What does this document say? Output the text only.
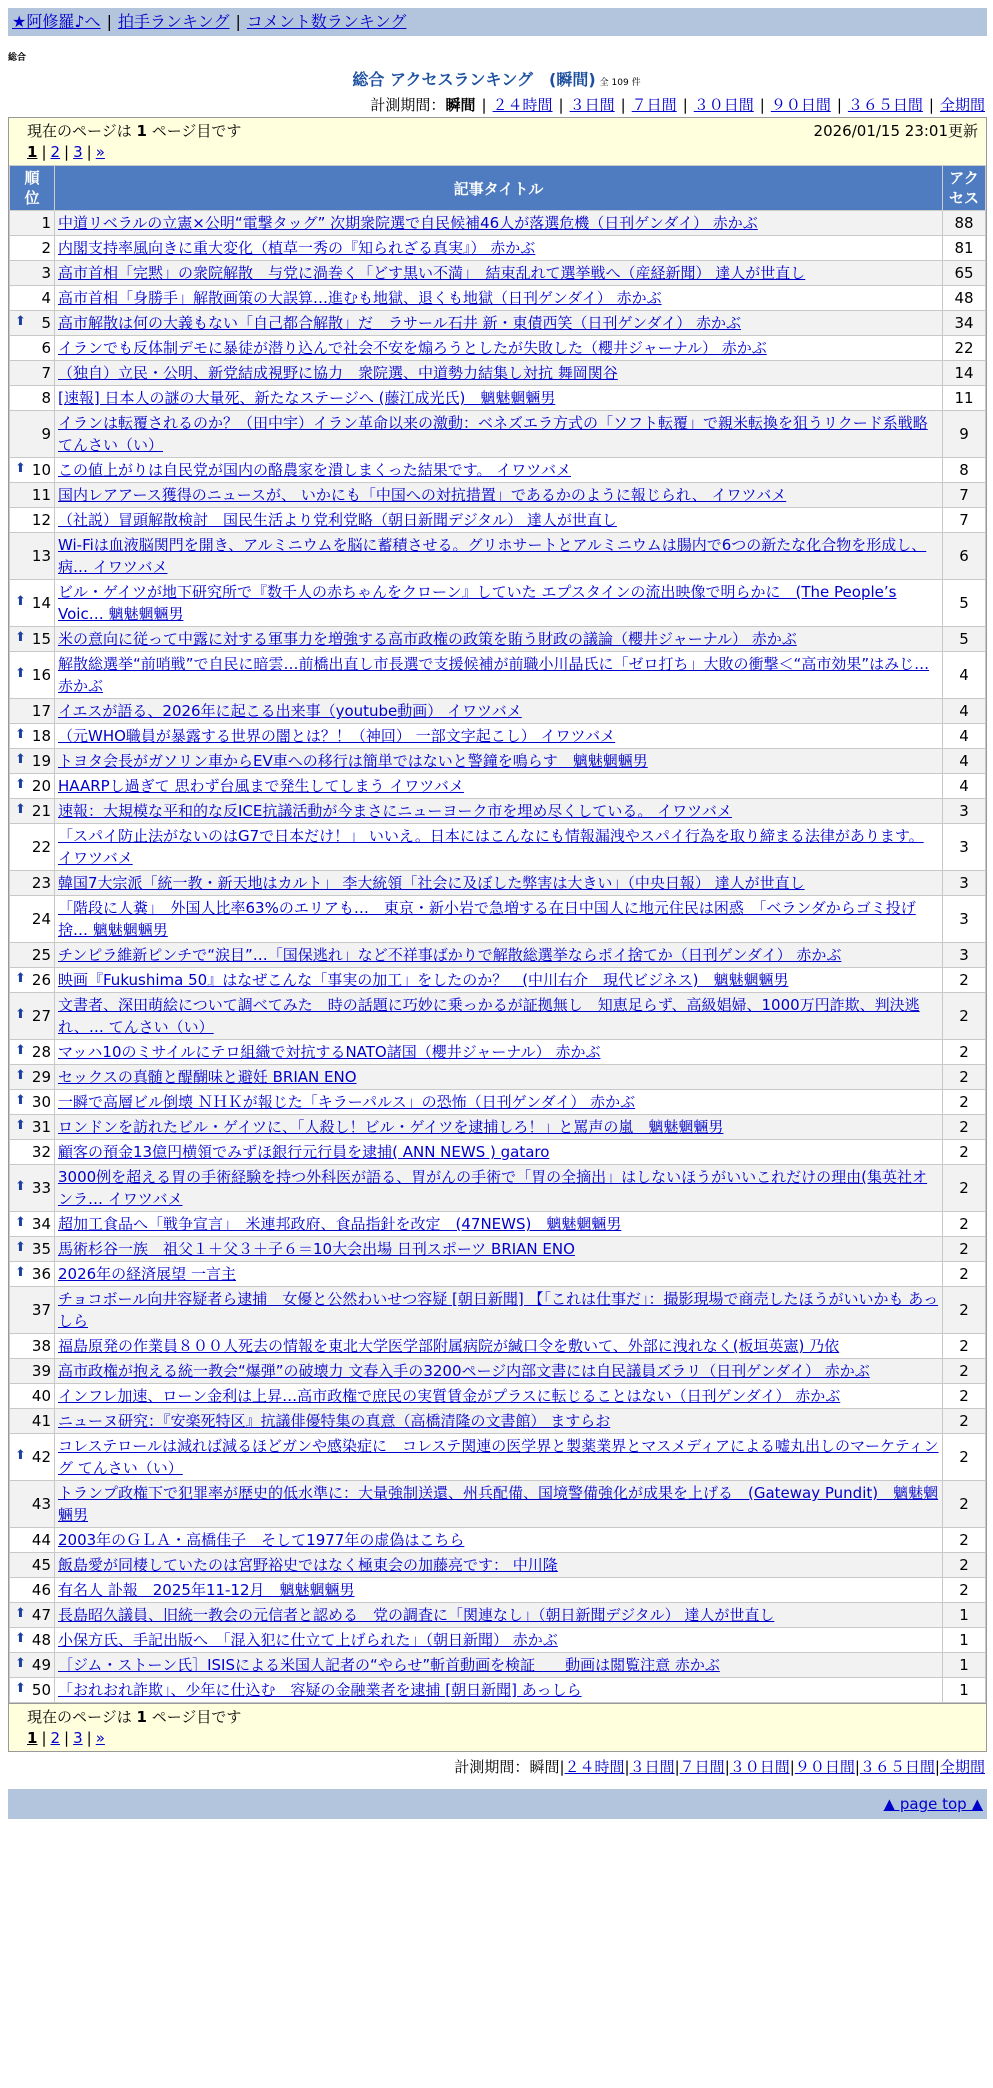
★阿修羅♪へ | 拍手ランキング | コメント数ランキング
総合
総合 アクセスランキング　(瞬間) 全 109 件
計測期間：瞬間 | ２４時間 | ３日間 | ７日間 | ３０日間 | ９０日間 | ３６５日間 | 全期間
現在のページは 1 ページ目です	2026/01/15 23:01更新
1 | 2 | 3 | »
順位	記事タイトル	アクセス
1	中道リベラルの立憲×公明“電撃タッグ” 次期衆院選で自民候補46人が落選危機（日刊ゲンダイ） 赤かぶ	88
2	内閣支持率風向きに重大変化（植草一秀の『知られざる真実』） 赤かぶ	81
3	高市首相「完黙」の衆院解散　与党に渦巻く「どす黒い不満」　結束乱れて選挙戦へ（産経新聞） 達人が世直し	65
4	高市首相「身勝手」解散画策の大誤算…進むも地獄、退くも地獄（日刊ゲンダイ） 赤かぶ	48

⬆ 5	高市解散は何の大義もない「自己都合解散」だ　ラサール石井 新・東債西笑（日刊ゲンダイ） 赤かぶ	34
6	イランでも反体制デモに暴徒が潜り込んで社会不安を煽ろうとしたが失敗した（櫻井ジャーナル） 赤かぶ	22
7	（独自）立民・公明、新党結成視野に協力　衆院選、中道勢力結集し対抗 舞岡関谷	14
8	[速報] 日本人の謎の大量死、新たなステージへ (藤江成光氏)　魑魅魍魎男	11
9	イランは転覆されるのか？（田中宇）イラン革命以来の激動：ベネズエラ方式の「ソフト転覆」で親米転換を狙うリクード系戦略 てんさい（い）	9

⬆ 10	この値上がりは自民党が国内の酪農家を潰しまくった結果です。 イワツバメ	8
11	国内レアアース獲得のニュースが、 いかにも「中国への対抗措置」であるかのように報じられ、 イワツバメ	7
12	（社説）冒頭解散検討　国民生活より党利党略（朝日新聞デジタル） 達人が世直し	7
13	Wi-Fiは血液脳関門を開き、アルミニウムを脳に蓄積させる。グリホサートとアルミニウムは腸内で6つの新たな化合物を形成し、病… イワツバメ	6

⬆ 14	ビル・ゲイツが地下研究所で『数千人の赤ちゃんをクローン』していた エプスタインの流出映像で明らかに　(The People’s Voic… 魑魅魍魎男	5

⬆ 15	米の意向に従って中露に対する軍事力を増強する高市政権の政策を賄う財政の議論（櫻井ジャーナル） 赤かぶ	5

⬆ 16	解散総選挙“前哨戦”で自民に暗雲…前橋出直し市長選で支援候補が前職小川晶氏に「ゼロ打ち」大敗の衝撃＜“高市効果”はみじ… 赤かぶ	4
17	イエスが語る、2026年に起こる出来事（youtube動画） イワツバメ	4

⬆ 18	（元WHO職員が暴露する世界の闇とは？！（神回） 一部文字起こし） イワツバメ	4

⬆ 19	トヨタ会長がガソリン車からEV車への移行は簡単ではないと警鐘を鳴らす　魑魅魍魎男	4

⬆ 20	HAARPし過ぎて 思わず台風まで発生してしまう イワツバメ	4

⬆ 21	速報：大規模な平和的な反ICE抗議活動が今まさにニューヨーク市を埋め尽くしている。 イワツバメ	3
22	「スパイ防止法がないのはG7で日本だけ！」 いいえ。日本にはこんなにも情報漏洩やスパイ行為を取り締まる法律があります。 イワツバメ	3
23	韓国7大宗派「統一教・新天地はカルト」 李大統領「社会に及ぼした弊害は大きい」（中央日報） 達人が世直し	3
24	「階段に人糞」　外国人比率63%のエリアも…　東京・新小岩で急増する在日中国人に地元住民は困惑　「ベランダからゴミ投げ捨… 魑魅魍魎男	3
25	チンピラ維新ピンチで“涙目”…「国保逃れ」など不祥事ばかりで解散総選挙ならポイ捨てか（日刊ゲンダイ） 赤かぶ	3

⬆ 26	映画『Fukushima 50』はなぜこんな「事実の加工」をしたのか？　(中川右介　現代ビジネス)　魑魅魍魎男	2

⬆ 27	文書者、深田萌絵について調べてみた　時の話題に巧妙に乗っかるが証拠無し　知恵足らず、高級娼婦、1000万円詐欺、判決逃れ、… てんさい（い）	2

⬆ 28	マッハ10のミサイルにテロ組織で対抗するNATO諸国（櫻井ジャーナル） 赤かぶ	2

⬆ 29	セックスの真髄と醍醐味と避妊 BRIAN ENO	2

⬆ 30	一瞬で高層ビル倒壊 ＮＨＫが報じた「キラーパルス」の恐怖（日刊ゲンダイ） 赤かぶ	2

⬆ 31	ロンドンを訪れたビル・ゲイツに、「人殺し！ビル・ゲイツを逮捕しろ！」と罵声の嵐　魑魅魍魎男	2
32	顧客の預金13億円横領でみずほ銀行元行員を逮捕( ANN NEWS ) gataro	2

⬆ 33	3000例を超える胃の手術経験を持つ外科医が語る、胃がんの手術で「胃の全摘出」はしないほうがいいこれだけの理由(集英社オンラ… イワツバメ	2

⬆ 34	超加工食品へ「戦争宣言」　米連邦政府、食品指針を改定　(47NEWS)　魑魅魍魎男	2

⬆ 35	馬術杉谷一族　祖父１＋父３＋子６＝10大会出場 日刊スポーツ BRIAN ENO	2

⬆ 36	2026年の経済展望 一言主	2
37	チョコボール向井容疑者ら逮捕　女優と公然わいせつ容疑 [朝日新聞] 【「これは仕事だ」：撮影現場で商売したほうがいいかも あっしら	2
38	福島原発の作業員８００人死去の情報を東北大学医学部附属病院が緘口令を敷いて、外部に洩れなく(板垣英憲) 乃依	2
39	高市政権が抱える統一教会“爆弾”の破壊力 文春入手の3200ページ内部文書には自民議員ズラリ（日刊ゲンダイ） 赤かぶ	2
40	インフレ加速、ローン金利は上昇…高市政権で庶民の実質賃金がプラスに転じることはない（日刊ゲンダイ） 赤かぶ	2
41	ニューヌ研究：『安楽死特区』抗議俳優特集の真意（高橋清隆の文書館） ますらお	2

⬆ 42	コレステロールは減れば減るほどガンや感染症に　コレステ関連の医学界と製薬業界とマスメディアによる嘘丸出しのマーケティング てんさい（い）	2
43	トランプ政権下で犯罪率が歴史的低水準に：大量強制送還、州兵配備、国境警備強化が成果を上げる　(Gateway Pundit)　魑魅魍魎男	2
44	2003年のＧＬＡ・高橋佳子　そして1977年の虚偽はこちら	2
45	飯島愛が同棲していたのは宮野裕史ではなく極東会の加藤亮です： 中川隆	2
46	有名人 訃報　2025年11-12月　魑魅魍魎男	2

⬆ 47	長島昭久議員、旧統一教会の元信者と認める　党の調査に「関連なし」（朝日新聞デジタル） 達人が世直し	1

⬆ 48	小保方氏、手記出版へ　「混入犯に仕立て上げられた」（朝日新聞） 赤かぶ	1

⬆ 49	［ジム・ストーン氏］ISISによる米国人記者の“やらせ”斬首動画を検証　　動画は閲覧注意 赤かぶ	1

⬆ 50	「おれおれ詐欺」、少年に仕込む　容疑の金融業者を逮捕 [朝日新聞] あっしら	1
現在のページは 1 ページ目です
1 | 2 | 3 | »
計測期間：瞬間|２４時間|３日間|７日間|３０日間|９０日間|３６５日間|全期間
▲ page top ▲
